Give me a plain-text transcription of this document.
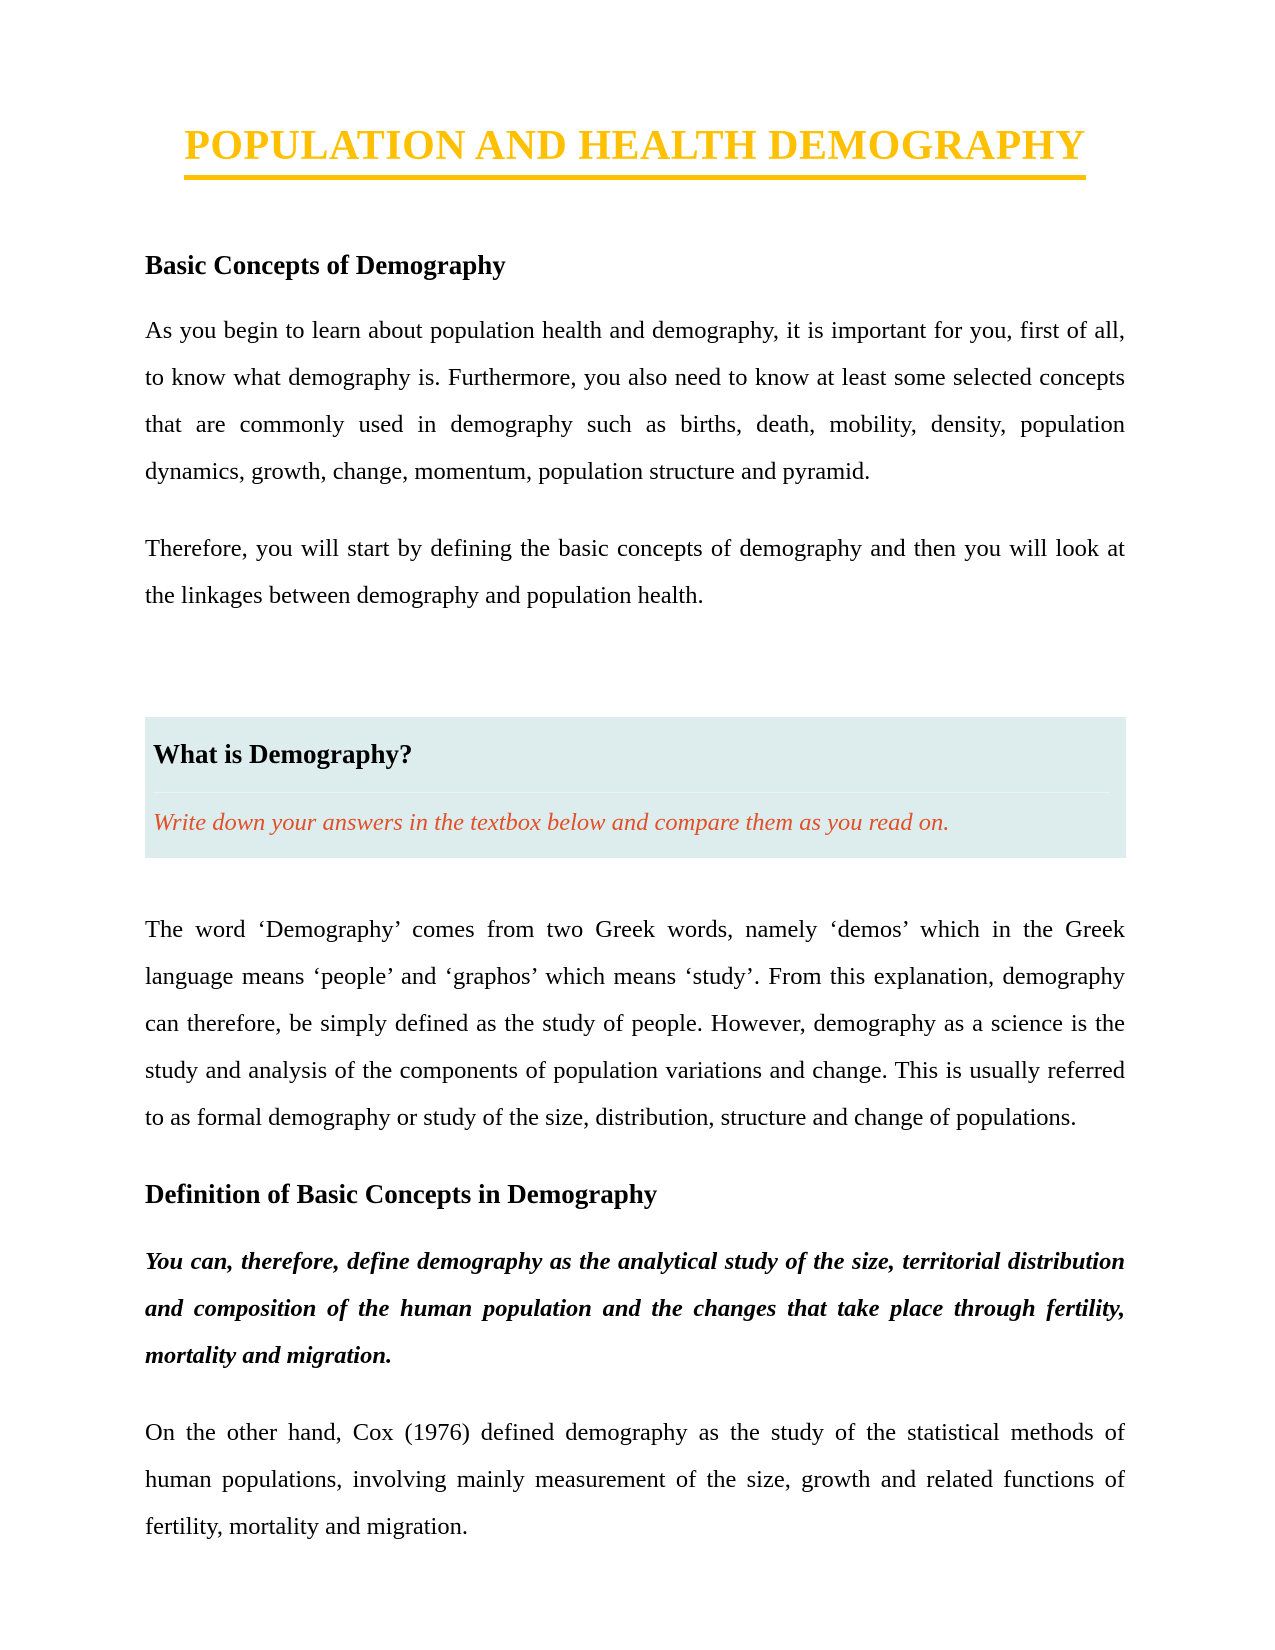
POPULATION AND HEALTH DEMOGRAPHY
Basic Concepts of Demography

As you begin to learn about population health and demography, it is important for you, first of all, to know what demography is. Furthermore, you also need to know at least some selected concepts that are commonly used in demography such as births, death, mobility, density, population dynamics, growth, change, momentum, population structure and pyramid.

Therefore, you will start by defining the basic concepts of demography and then you will look at the linkages between demography and population health.

What is Demography?

Write down your answers in the textbox below and compare them as you read on.

The word ‘Demography’ comes from two Greek words, namely ‘demos’ which in the Greek language means ‘people’ and ‘graphos’ which means ‘study’. From this explanation, demography can therefore, be simply defined as the study of people. However, demography as a science is the study and analysis of the components of population variations and change. This is usually referred to as formal demography or study of the size, distribution, structure and change of populations.

Definition of Basic Concepts in Demography

You can, therefore, define demography as the analytical study of the size, territorial distribution and composition of the human population and the changes that take place through fertility, mortality and migration.

On the other hand, Cox (1976) defined demography as the study of the statistical methods of human populations, involving mainly measurement of the size, growth and related functions of fertility, mortality and migration.
